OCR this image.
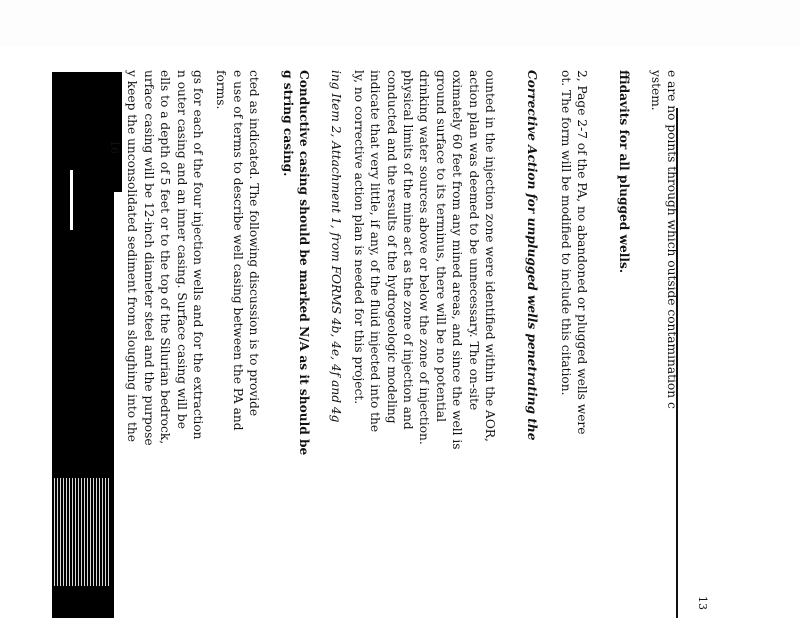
13

e are no points through which outside contamination c

ystem.

ffidavits for all plugged wells.

2, Page 2-7 of the PA, no abandoned or plugged wells were

ot. The form will be modified to include this citation.

Corrective Action for unplugged wells penetrating the

ounted in the injection zone were identified within the AOR,

action plan was deemed to be unnecessary. The on-site

oximately 60 feet from any mined areas, and since the well is

ground surface to its terminus, there will be no potential

drinking water sources above or below the zone of injection.

physical limits of the mine act as the zone of injection and

conducted and the results of the hydrogeologic modeling

indicate that very little, if any, of the fluid injected into the

ly, no corrective action plan is needed for this project.

ing Item 2, Attachment 1, from FORMS 4b, 4e, 4f and 4g

Conductive casing should be marked N/A as it should be

g string casing.

cted as indicated. The following discussion is to provide

e use of terms to describe well casing between the PA and

forms.

gs for each of the four injection wells and for the extraction

n outer casing and an inner casing. Surface casing will be

ells to a depth of 5 feet or to the top of the Silurian bedrock,

urface casing will be 12-inch diameter steel and the purpose

y keep the unconsolidated sediment from sloughing into the

16
